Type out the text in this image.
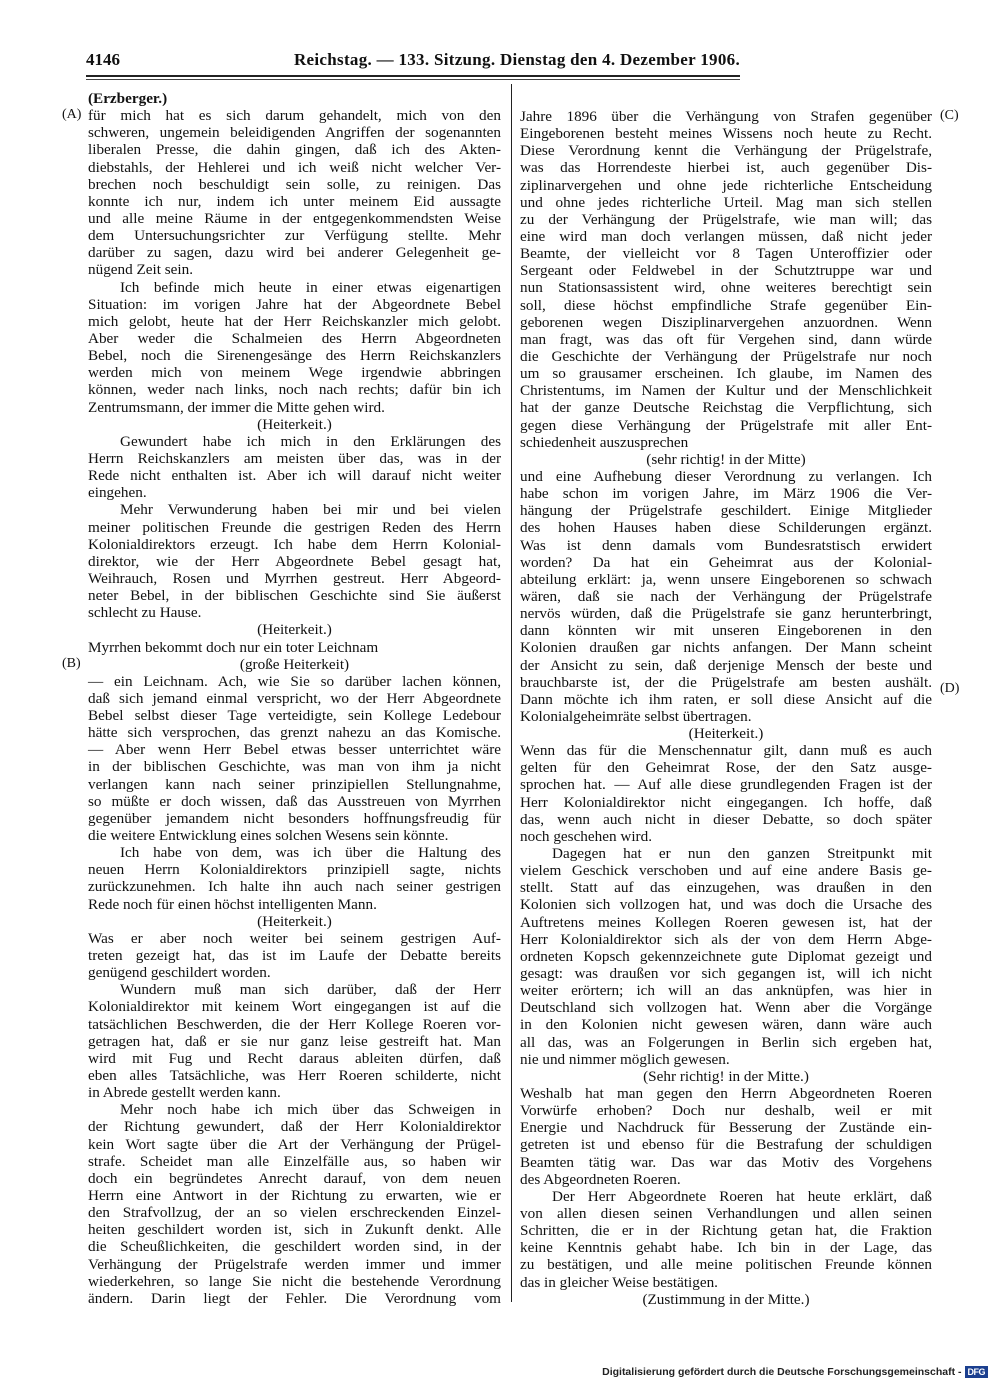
4146	Reichstag. — 133. Sitzung. Dienstag den 4. Dezember 1906.
(Erzberger.)
für mich hat es sich darum gehandelt, mich von den
schweren, ungemein beleidigenden Angriffen der sogenannten
liberalen Presse, die dahin gingen, daß ich des Akten-
diebstahls, der Hehlerei und ich weiß nicht welcher Ver-
brechen noch beschuldigt sein solle, zu reinigen. Das
konnte ich nur, indem ich unter meinem Eid aussagte
und alle meine Räume in der entgegenkommendsten Weise
dem Untersuchungsrichter zur Verfügung stellte. Mehr
darüber zu sagen, dazu wird bei anderer Gelegenheit ge-
nügend Zeit sein.
Ich befinde mich heute in einer etwas eigenartigen
Situation: im vorigen Jahre hat der Abgeordnete Bebel
mich gelobt, heute hat der Herr Reichskanzler mich gelobt.
Aber weder die Schalmeien des Herrn Abgeordneten
Bebel, noch die Sirenengesänge des Herrn Reichskanzlers
werden mich von meinem Wege irgendwie abbringen
können, weder nach links, noch nach rechts; dafür bin ich
Zentrumsmann, der immer die Mitte gehen wird.
(Heiterkeit.)
Gewundert habe ich mich in den Erklärungen des
Herrn Reichskanzlers am meisten über das, was in der
Rede nicht enthalten ist. Aber ich will darauf nicht weiter
eingehen.
Mehr Verwunderung haben bei mir und bei vielen
meiner politischen Freunde die gestrigen Reden des Herrn
Kolonialdirektors erzeugt. Ich habe dem Herrn Kolonial-
direktor, wie der Herr Abgeordnete Bebel gesagt hat,
Weihrauch, Rosen und Myrrhen gestreut. Herr Abgeord-
neter Bebel, in der biblischen Geschichte sind Sie äußerst
schlecht zu Hause.
(Heiterkeit.)
Myrrhen bekommt doch nur ein toter Leichnam
(große Heiterkeit)
— ein Leichnam. Ach, wie Sie so darüber lachen können,
daß sich jemand einmal verspricht, wo der Herr Abgeordnete
Bebel selbst dieser Tage verteidigte, sein Kollege Ledebour
hätte sich versprochen, das grenzt nahezu an das Komische.
— Aber wenn Herr Bebel etwas besser unterrichtet wäre
in der biblischen Geschichte, was man von ihm ja nicht
verlangen kann nach seiner prinzipiellen Stellungnahme,
so müßte er doch wissen, daß das Ausstreuen von Myrrhen
gegenüber jemandem nicht besonders hoffnungsfreudig für
die weitere Entwicklung eines solchen Wesens sein könnte.
Ich habe von dem, was ich über die Haltung des
neuen Herrn Kolonialdirektors prinzipiell sagte, nichts
zurückzunehmen. Ich halte ihn auch nach seiner gestrigen
Rede noch für einen höchst intelligenten Mann.
(Heiterkeit.)
Was er aber noch weiter bei seinem gestrigen Auf-
treten gezeigt hat, das ist im Laufe der Debatte bereits
genügend geschildert worden.
Wundern muß man sich darüber, daß der Herr
Kolonialdirektor mit keinem Wort eingegangen ist auf die
tatsächlichen Beschwerden, die der Herr Kollege Roeren vor-
getragen hat, daß er sie nur ganz leise gestreift hat. Man
wird mit Fug und Recht daraus ableiten dürfen, daß
eben alles Tatsächliche, was Herr Roeren schilderte, nicht
in Abrede gestellt werden kann.
Mehr noch habe ich mich über das Schweigen in
der Richtung gewundert, daß der Herr Kolonialdirektor
kein Wort sagte über die Art der Verhängung der Prügel-
strafe. Scheidet man alle Einzelfälle aus, so haben wir
doch ein begründetes Anrecht darauf, von dem neuen
Herrn eine Antwort in der Richtung zu erwarten, wie er
den Strafvollzug, der an so vielen erschreckenden Einzel-
heiten geschildert worden ist, sich in Zukunft denkt. Alle
die Scheußlichkeiten, die geschildert worden sind, in der
Verhängung der Prügelstrafe werden immer und immer
wiederkehren, so lange Sie nicht die bestehende Verordnung
ändern. Darin liegt der Fehler. Die Verordnung vom
Jahre 1896 über die Verhängung von Strafen gegenüber
Eingeborenen besteht meines Wissens noch heute zu Recht.
Diese Verordnung kennt die Verhängung der Prügelstrafe,
was das Horrendeste hierbei ist, auch gegenüber Dis-
ziplinarvergehen und ohne jede richterliche Entscheidung
und ohne jedes richterliche Urteil. Mag man sich stellen
zu der Verhängung der Prügelstrafe, wie man will; das
eine wird man doch verlangen müssen, daß nicht jeder
Beamte, der vielleicht vor 8 Tagen Unteroffizier oder
Sergeant oder Feldwebel in der Schutztruppe war und
nun Stationsassistent wird, ohne weiteres berechtigt sein
soll, diese höchst empfindliche Strafe gegenüber Ein-
geborenen wegen Disziplinarvergehen anzuordnen. Wenn
man fragt, was das oft für Vergehen sind, dann würde
die Geschichte der Verhängung der Prügelstrafe nur noch
um so grausamer erscheinen. Ich glaube, im Namen des
Christentums, im Namen der Kultur und der Menschlichkeit
hat der ganze Deutsche Reichstag die Verpflichtung, sich
gegen diese Verhängung der Prügelstrafe mit aller Ent-
schiedenheit auszusprechen
(sehr richtig! in der Mitte)
und eine Aufhebung dieser Verordnung zu verlangen. Ich
habe schon im vorigen Jahre, im März 1906 die Ver-
hängung der Prügelstrafe geschildert. Einige Mitglieder
des hohen Hauses haben diese Schilderungen ergänzt.
Was ist denn damals vom Bundesratstisch erwidert
worden? Da hat ein Geheimrat aus der Kolonial-
abteilung erklärt: ja, wenn unsere Eingeborenen so schwach
wären, daß sie nach der Verhängung der Prügelstrafe
nervös würden, daß die Prügelstrafe sie ganz herunterbringt,
dann könnten wir mit unseren Eingeborenen in den
Kolonien draußen gar nichts anfangen. Der Mann scheint
der Ansicht zu sein, daß derjenige Mensch der beste und
brauchbarste ist, der die Prügelstrafe am besten aushält.
Dann möchte ich ihm raten, er soll diese Ansicht auf die
Kolonialgeheimräte selbst übertragen.
(Heiterkeit.)
Wenn das für die Menschennatur gilt, dann muß es auch
gelten für den Geheimrat Rose, der den Satz ausge-
sprochen hat. — Auf alle diese grundlegenden Fragen ist der
Herr Kolonialdirektor nicht eingegangen. Ich hoffe, daß
das, wenn auch nicht in dieser Debatte, so doch später
noch geschehen wird.
Dagegen hat er nun den ganzen Streitpunkt mit
vielem Geschick verschoben und auf eine andere Basis ge-
stellt. Statt auf das einzugehen, was draußen in den
Kolonien sich vollzogen hat, und was doch die Ursache des
Auftretens meines Kollegen Roeren gewesen ist, hat der
Herr Kolonialdirektor sich als der von dem Herrn Abge-
ordneten Kopsch gekennzeichnete gute Diplomat gezeigt und
gesagt: was draußen vor sich gegangen ist, will ich nicht
weiter erörtern; ich will an das anknüpfen, was hier in
Deutschland sich vollzogen hat. Wenn aber die Vorgänge
in den Kolonien nicht gewesen wären, dann wäre auch
all das, was an Folgerungen in Berlin sich ergeben hat,
nie und nimmer möglich gewesen.
(Sehr richtig! in der Mitte.)
Weshalb hat man gegen den Herrn Abgeordneten Roeren
Vorwürfe erhoben? Doch nur deshalb, weil er mit
Energie und Nachdruck für Besserung der Zustände ein-
getreten ist und ebenso für die Bestrafung der schuldigen
Beamten tätig war. Das war das Motiv des Vorgehens
des Abgeordneten Roeren.
Der Herr Abgeordnete Roeren hat heute erklärt, daß
von allen diesen seinen Verhandlungen und allen seinen
Schritten, die er in der Richtung getan hat, die Fraktion
keine Kenntnis gehabt habe. Ich bin in der Lage, das
zu bestätigen, und alle meine politischen Freunde können
das in gleicher Weise bestätigen.
(Zustimmung in der Mitte.)
(A)
(B)
(C)
(D)
Digitalisierung gefördert durch die Deutsche Forschungsgemeinschaft - DFG
